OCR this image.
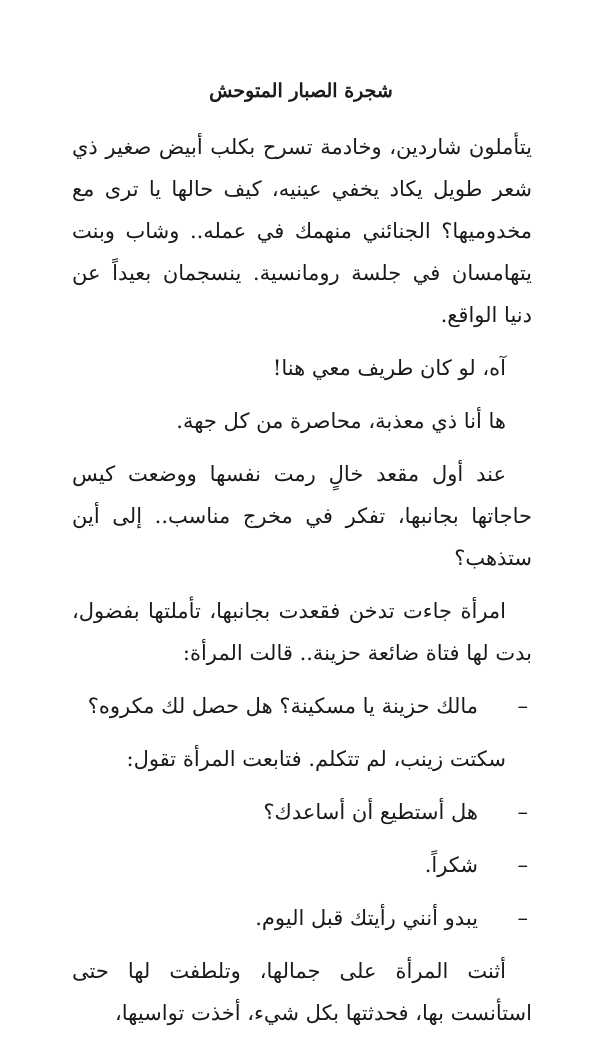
شجرة الصبار المتوحش

يتأملون شاردين، وخادمة تسرح بكلب أبيض صغير ذي شعر طويل يكاد يخفي عينيه، كيف حالها يا ترى مع مخدوميها؟ الجنائني منهمك في عمله.. وشاب وبنت يتهامسان في جلسة رومانسية. ينسجمان بعيداً عن دنيا الواقع.

آه، لو كان طريف معي هنا!

ها أنا ذي معذبة، محاصرة من كل جهة.

عند أول مقعد خالٍ رمت نفسها ووضعت كيس حاجاتها بجانبها، تفكر في مخرج مناسب.. إلى أين ستذهب؟

امرأة جاءت تدخن فقعدت بجانبها، تأملتها بفضول، بدت لها فتاة ضائعة حزينة.. قالت المرأة:

–
مالك حزينة يا مسكينة؟ هل حصل لك مكروه؟

سكتت زينب، لم تتكلم. فتابعت المرأة تقول:

–
هل أستطيع أن أساعدك؟

–
شكراً.

–
يبدو أنني رأيتك قبل اليوم.

أثنت المرأة على جمالها، وتلطفت لها حتى استأنست بها، فحدثتها بكل شيء، أخذت تواسيها،
